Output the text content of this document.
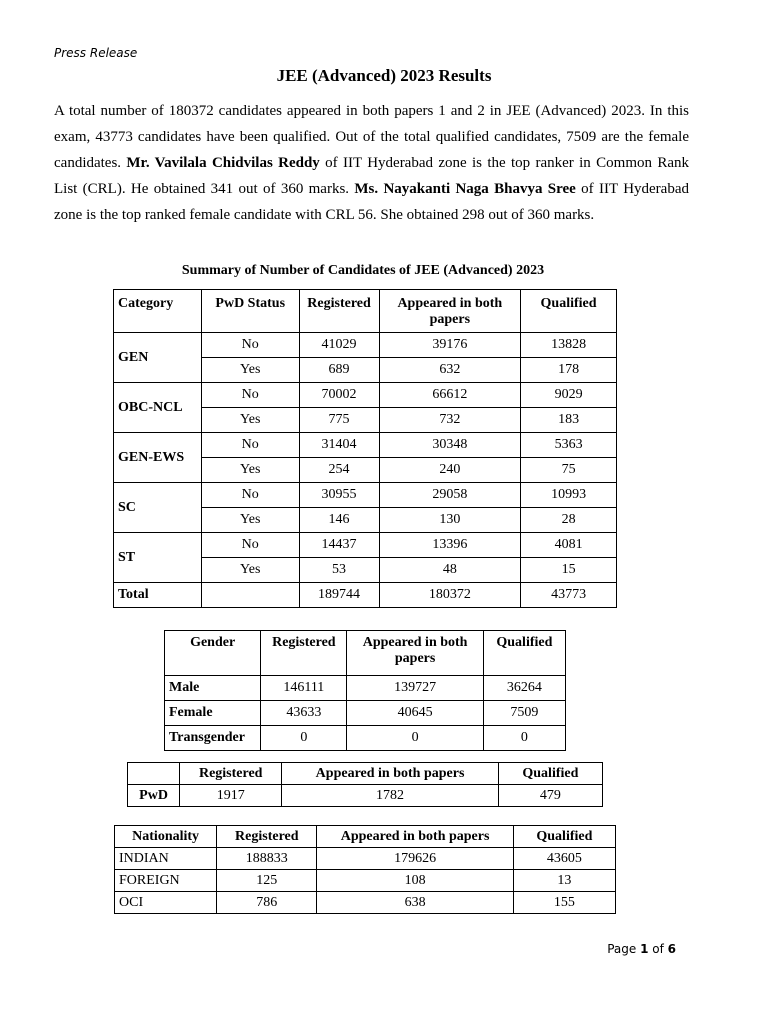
Press Release
JEE (Advanced) 2023 Results
A total number of 180372 candidates appeared in both papers 1 and 2 in JEE (Advanced) 2023. In this exam, 43773 candidates have been qualified. Out of the total qualified candidates, 7509 are the female candidates. Mr. Vavilala Chidvilas Reddy of IIT Hyderabad zone is the top ranker in Common Rank List (CRL). He obtained 341 out of 360 marks. Ms. Nayakanti Naga Bhavya Sree of IIT Hyderabad zone is the top ranked female candidate with CRL 56. She obtained 298 out of 360 marks.
Summary of Number of Candidates of JEE (Advanced) 2023
Category	PwD Status	Registered	Appeared in both papers	Qualified
GEN	No	41029	39176	13828
	Yes	689	632	178
OBC-NCL	No	70002	66612	9029
	Yes	775	732	183
GEN-EWS	No	31404	30348	5363
	Yes	254	240	75
SC	No	30955	29058	10993
	Yes	146	130	28
ST	No	14437	13396	4081
	Yes	53	48	15
Total		189744	180372	43773
Gender	Registered	Appeared in both papers	Qualified
Male	146111	139727	36264
Female	43633	40645	7509
Transgender	0	0	0
	Registered	Appeared in both papers	Qualified
PwD	1917	1782	479
Nationality	Registered	Appeared in both papers	Qualified
INDIAN	188833	179626	43605
FOREIGN	125	108	13
OCI	786	638	155
Page 1 of 6
